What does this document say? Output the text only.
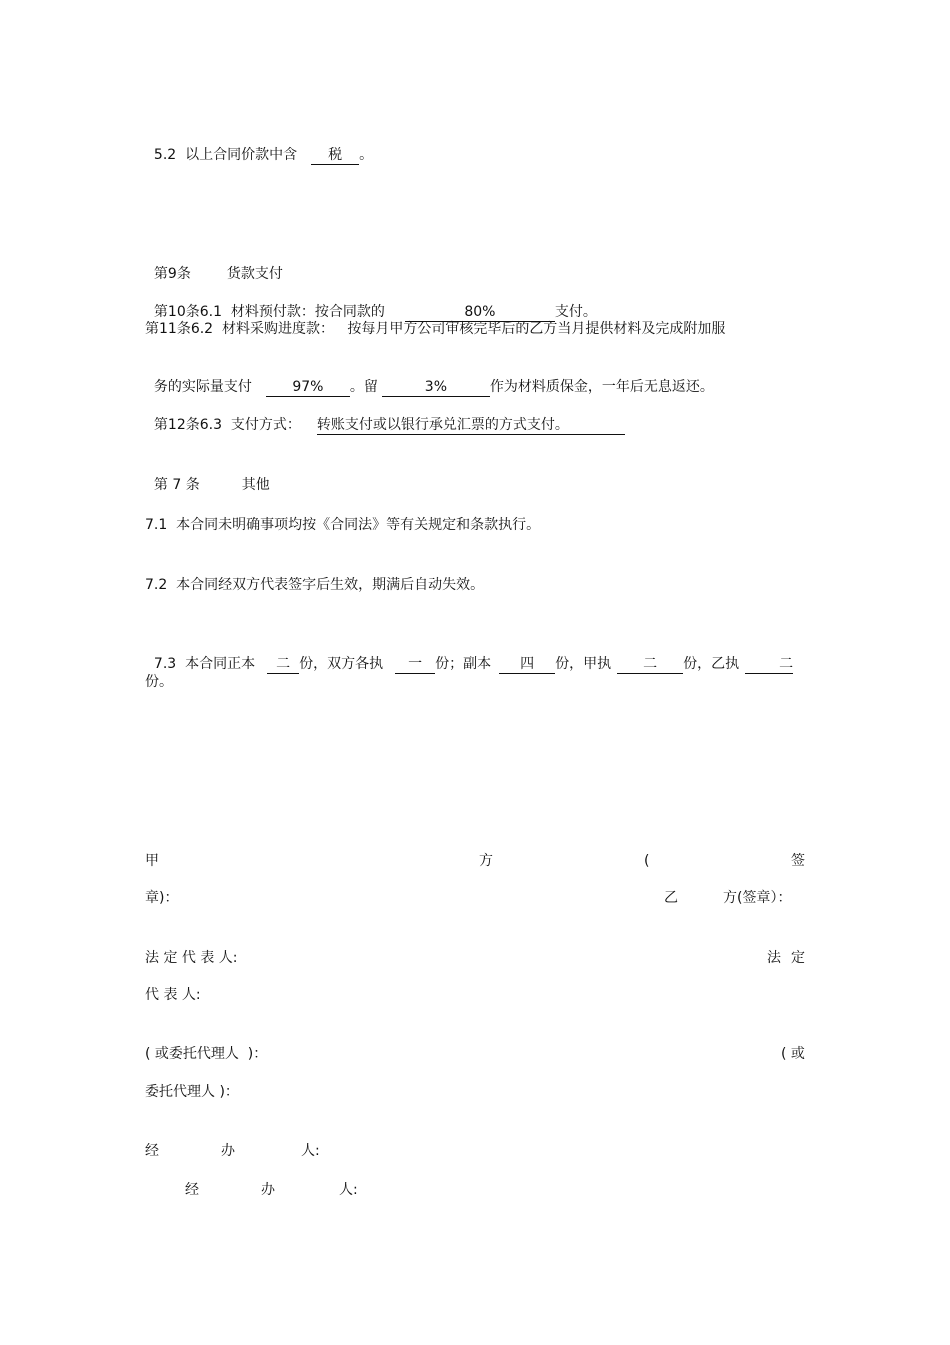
5.2  以上合同价款中含 税 。

第9条	货款支付

第10条6.1  材料预付款：按合同款的	80%	支付。

第11条6.2  材料采购进度款：   按每月甲方公司审核完毕后的乙方当月提供材料及完成附加服

务的实际量支付	97% 。留	3%	作为材料质保金，一年后无息返还。

第12条6.3  支付方式： 转账支付或以银行承兑汇票的方式支付。

第 7 条	其他

7.1  本合同未明确事项均按《合同法》等有关规定和条款执行。
7.2  本合同经双方代表签字后生效，期满后自动失效。

7.3  本合同正本 二 份，双方各执 一 份；副本 四 份，甲执 二 份，乙执	二

份。
甲	方	(	签
章)：	乙	方(签章）：
法 定 代 表 人:	法 定
代 表 人:
( 或委托代理人  )：	( 或
委托代理人 )：
经	办	人:
经	办	人:
